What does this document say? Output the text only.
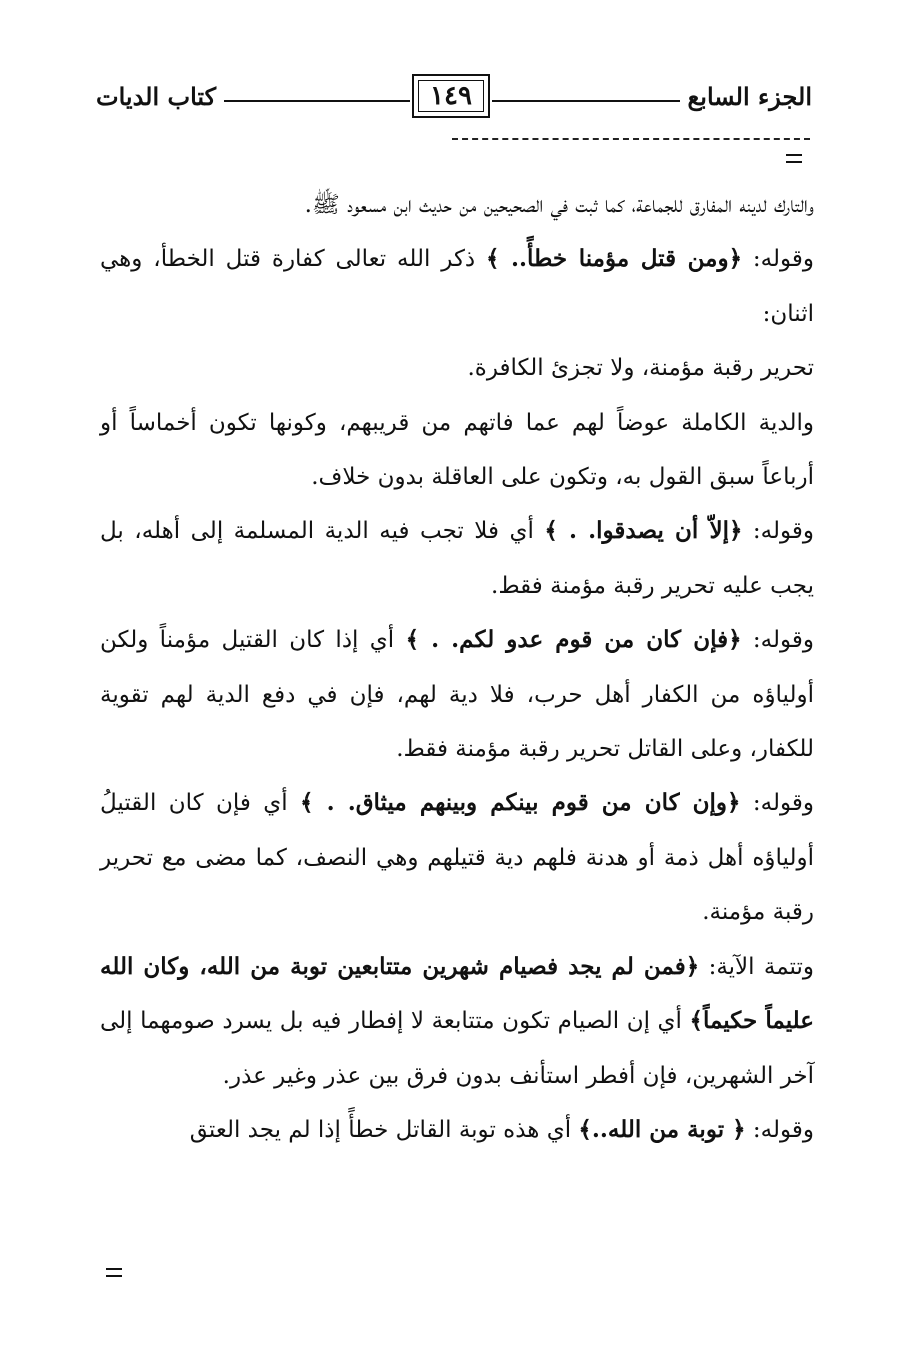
الجزء السابع
١٤٩
كتاب الديات

والتارك لدينه المفارق للجماعة، كما ثبت في الصحيحين من حديث ابن مسعود ﷺ.

وقوله: ﴿ومن قتل مؤمنا خطأً.. ﴾ ذكر الله تعالى كفارة قتل الخطأ، وهي اثنان:

تحرير رقبة مؤمنة، ولا تجزئ الكافرة.

والدية الكاملة عوضاً لهم عما فاتهم من قريبهم، وكونها تكون أخماساً أو أرباعاً سبق القول به، وتكون على العاقلة بدون خلاف.

وقوله: ﴿إلاّ أن يصدقوا. . ﴾ أي فلا تجب فيه الدية المسلمة إلى أهله، بل يجب عليه تحرير رقبة مؤمنة فقط.

وقوله: ﴿فإن كان من قوم عدو لكم. . ﴾ أي إذا كان القتيل مؤمناً ولكن أولياؤه من الكفار أهل حرب، فلا دية لهم، فإن في دفع الدية لهم تقوية للكفار، وعلى القاتل تحرير رقبة مؤمنة فقط.

وقوله: ﴿وإن كان من قوم بينكم وبينهم ميثاق. . ﴾ أي فإن كان القتيلُ أولياؤه أهل ذمة أو هدنة فلهم دية قتيلهم وهي النصف، كما مضى مع تحرير رقبة مؤمنة.

وتتمة الآية: ﴿فمن لم يجد فصيام شهرين متتابعين توبة من الله، وكان الله عليماً حكيماً﴾ أي إن الصيام تكون متتابعة لا إفطار فيه بل يسرد صومهما إلى آخر الشهرين، فإن أفطر استأنف بدون فرق بين عذر وغير عذر.

وقوله: ﴿ توبة من الله..﴾ أي هذه توبة القاتل خطأً إذا لم يجد العتق
